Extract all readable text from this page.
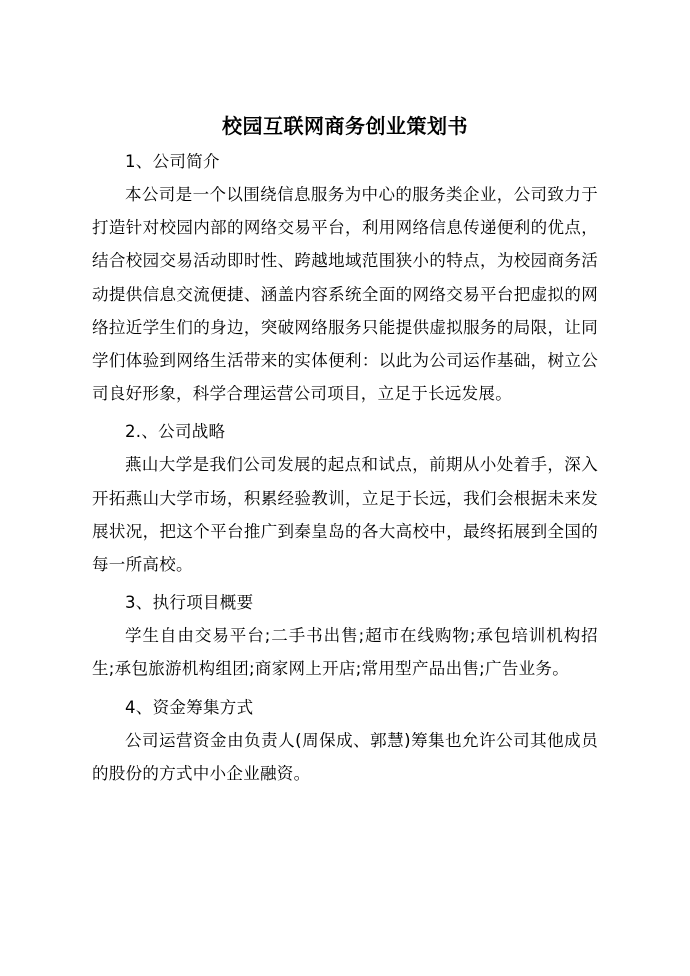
校园互联网商务创业策划书

1、公司简介

本公司是一个以围绕信息服务为中心的服务类企业，公司致力于打造针对校园内部的网络交易平台，利用网络信息传递便利的优点，结合校园交易活动即时性、跨越地域范围狭小的特点，为校园商务活动提供信息交流便捷、涵盖内容系统全面的网络交易平台把虚拟的网络拉近学生们的身边，突破网络服务只能提供虚拟服务的局限，让同学们体验到网络生活带来的实体便利：以此为公司运作基础，树立公司良好形象，科学合理运营公司项目，立足于长远发展。

2.、公司战略

燕山大学是我们公司发展的起点和试点，前期从小处着手，深入开拓燕山大学市场，积累经验教训，立足于长远，我们会根据未来发展状况，把这个平台推广到秦皇岛的各大高校中，最终拓展到全国的每一所高校。

3、执行项目概要

学生自由交易平台;二手书出售;超市在线购物;承包培训机构招生;承包旅游机构组团;商家网上开店;常用型产品出售;广告业务。

4、资金筹集方式

公司运营资金由负责人(周保成、郭慧)筹集也允许公司其他成员的股份的方式中小企业融资。
